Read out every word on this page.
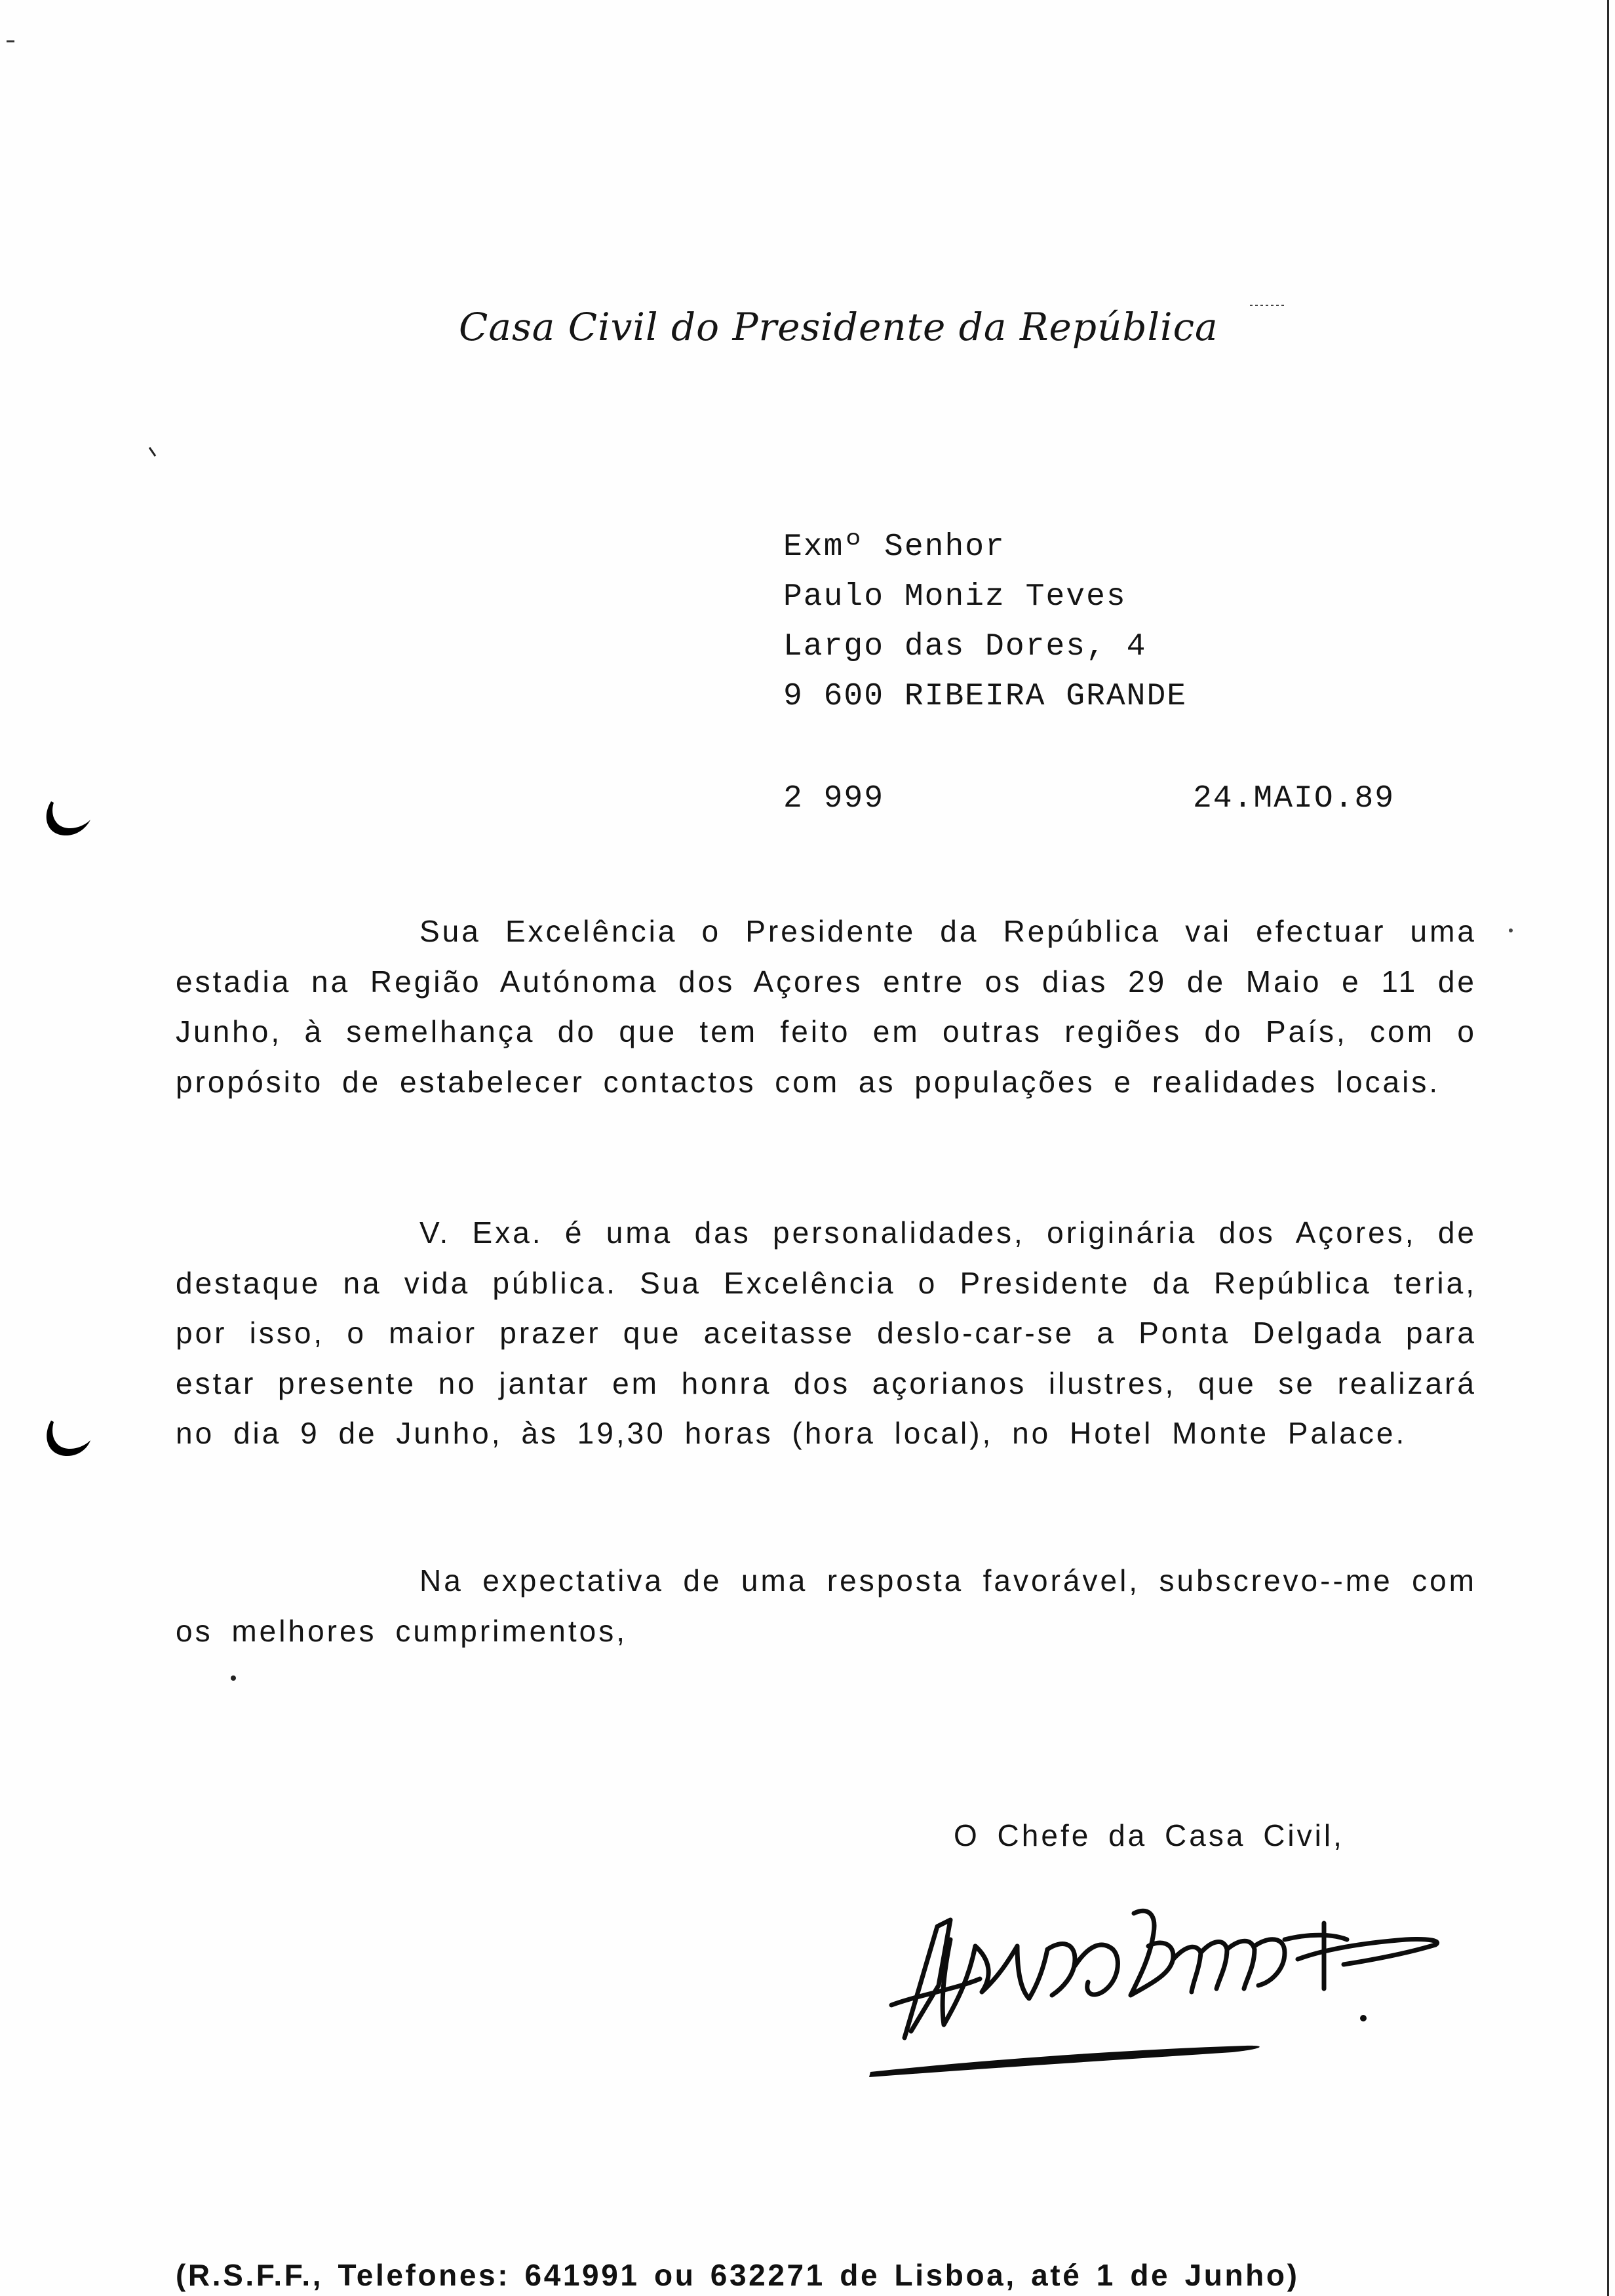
Casa Civil do Presidente da República
Exmº Senhor
Paulo Moniz Teves
Largo das Dores, 4
9 600 RIBEIRA GRANDE
2 999	24.MAIO.89

Sua Excelência o Presidente da República vai efectuar uma estadia na Região Autónoma dos Açores entre os dias 29 de Maio e 11 de Junho, à semelhança do que tem feito em outras regiões do País, com o propósito de estabelecer contactos com as populações e realidades locais.

V. Exa. é uma das personalidades, originária dos Açores, de destaque na vida pública. Sua Excelência o Presidente da República teria, por isso, o maior prazer que aceitasse deslo-car-se a Ponta Delgada para estar presente no jantar em honra dos açorianos ilustres, que se realizará no dia 9 de Junho, às 19,30 horas (hora local), no Hotel Monte Palace.

Na expectativa de uma resposta favorável, subscrevo--me com os melhores cumprimentos,

O Chefe da Casa Civil,
(R.S.F.F., Telefones: 641991 ou 632271 de Lisboa, até 1 de Junho)
